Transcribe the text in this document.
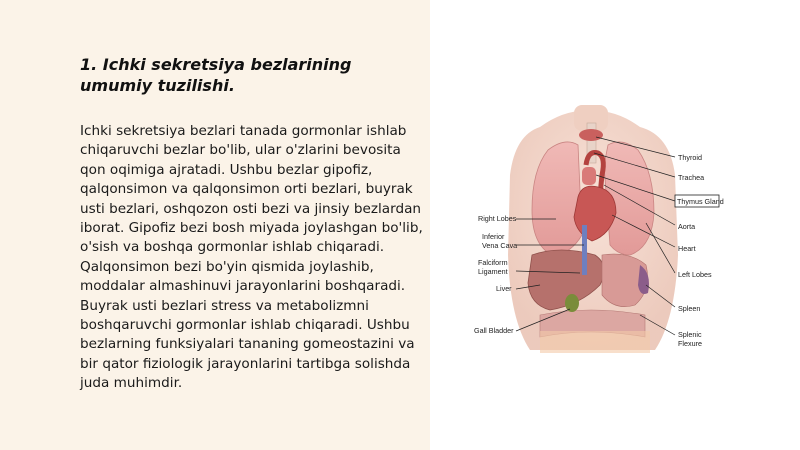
1. Ichki sekretsiya bezlarining umumiy tuzilishi.

Ichki sekretsiya bezlari tanada gormonlar ishlab chiqaruvchi bezlar bo'lib, ular o'zlarini bevosita qon oqimiga ajratadi. Ushbu bezlar gipofiz, qalqonsimon va qalqonsimon orti bezlari, buyrak usti bezlari, oshqozon osti bezi va jinsiy bezlardan iborat. Gipofiz bezi bosh miyada joylashgan bo'lib, o'sish va boshqa gormonlar ishlab chiqaradi. Qalqonsimon bezi bo'yin qismida joylashib, moddalar almashinuvi jarayonlarini boshqaradi. Buyrak usti bezlari stress va metabolizmni boshqaruvchi gormonlar ishlab chiqaradi. Ushbu bezlarning funksiyalari tananing gomeostazini va bir qator fiziologik jarayonlarini tartibga solishda juda muhimdir.

Thyroid
Trachea
Thymus Gland
Aorta
Heart
Left Lobes
Spleen
Splenic
Flexure
Right Lobes
Inferior
Vena Cava
Falciform
Ligament
Liver
Gall Bladder
